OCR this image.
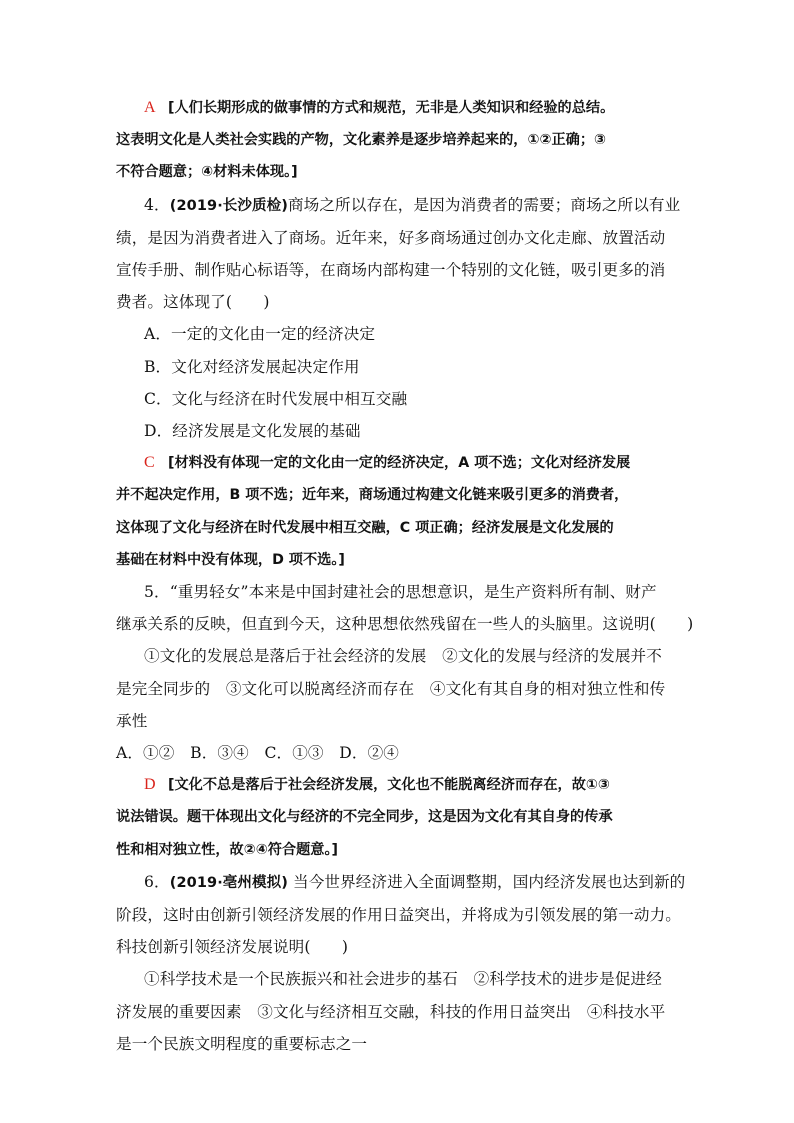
A [人们长期形成的做事情的方式和规范，无非是人类知识和经验的总结。
这表明文化是人类社会实践的产物，文化素养是逐步培养起来的，①②正确；③
不符合题意；④材料未体现。]
4．(2019·长沙质检)商场之所以存在，是因为消费者的需要；商场之所以有业
绩，是因为消费者进入了商场。近年来，好多商场通过创办文化走廊、放置活动
宣传手册、制作贴心标语等，在商场内部构建一个特别的文化链，吸引更多的消
费者。这体现了(　　)
A．一定的文化由一定的经济决定
B．文化对经济发展起决定作用
C．文化与经济在时代发展中相互交融
D．经济发展是文化发展的基础
C [材料没有体现一定的文化由一定的经济决定，A 项不选；文化对经济发展
并不起决定作用，B 项不选；近年来，商场通过构建文化链来吸引更多的消费者，
这体现了文化与经济在时代发展中相互交融，C 项正确；经济发展是文化发展的
基础在材料中没有体现，D 项不选。]
5．“重男轻女”本来是中国封建社会的思想意识，是生产资料所有制、财产
继承关系的反映，但直到今天，这种思想依然残留在一些人的头脑里。这说明(　　)
①文化的发展总是落后于社会经济的发展　②文化的发展与经济的发展并不
是完全同步的　③文化可以脱离经济而存在　④文化有其自身的相对独立性和传
承性
A．①②　B．③④　C．①③　D．②④
D [文化不总是落后于社会经济发展，文化也不能脱离经济而存在，故①③
说法错误。题干体现出文化与经济的不完全同步，这是因为文化有其自身的传承
性和相对独立性，故②④符合题意。]
6．(2019·亳州模拟) 当今世界经济进入全面调整期，国内经济发展也达到新的
阶段，这时由创新引领经济发展的作用日益突出，并将成为引领发展的第一动力。
科技创新引领经济发展说明(　　)
①科学技术是一个民族振兴和社会进步的基石　②科学技术的进步是促进经
济发展的重要因素　③文化与经济相互交融，科技的作用日益突出　④科技水平
是一个民族文明程度的重要标志之一
